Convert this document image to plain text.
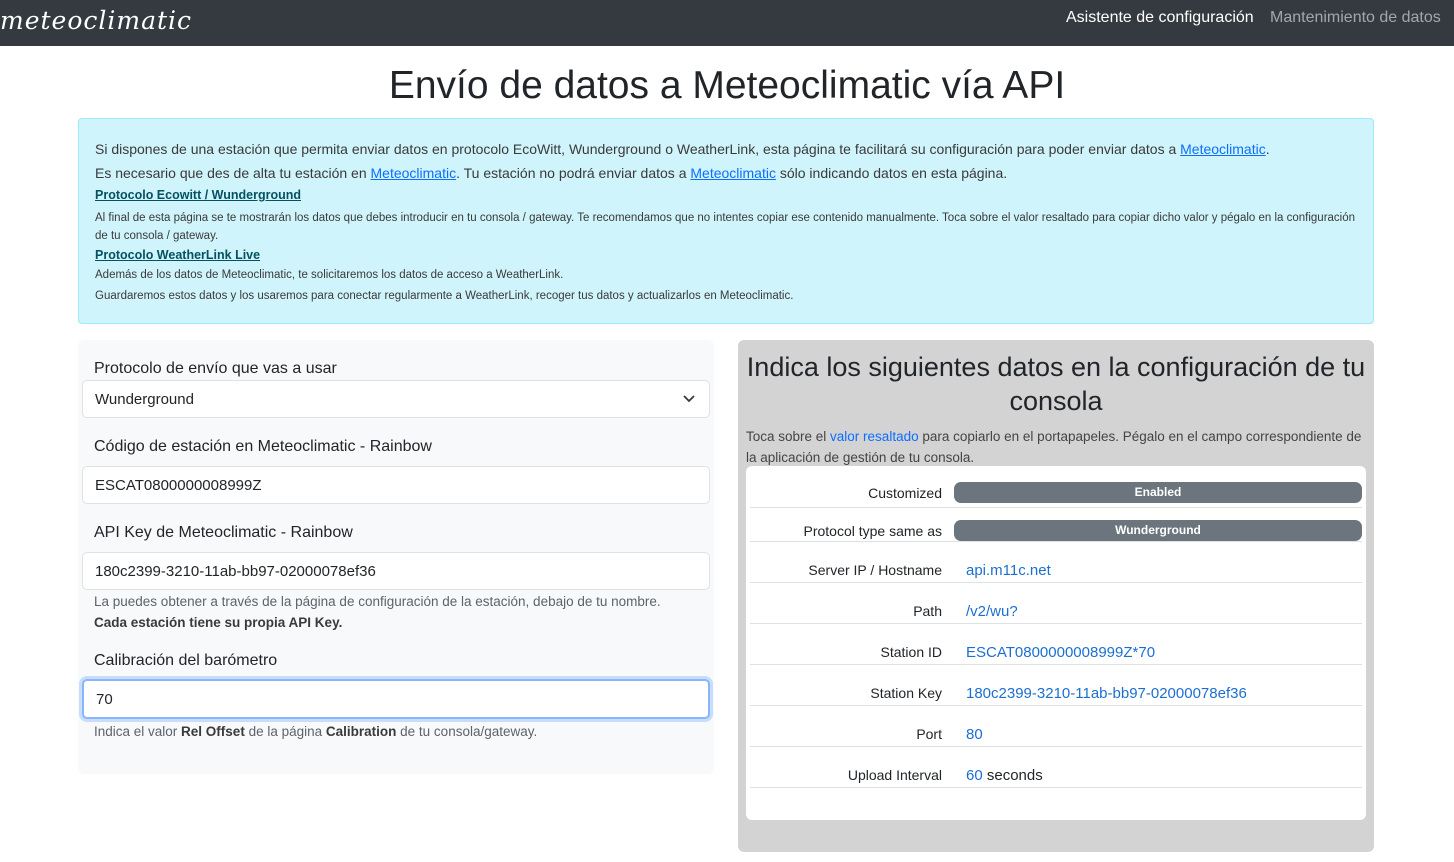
meteoclimatic	Asistente de configuración Mantenimiento de datos
Envío de datos a Meteoclimatic vía API
Si dispones de una estación que permita enviar datos en protocolo EcoWitt, Wunderground o WeatherLink, esta página te facilitará su configuración para poder enviar datos a Meteoclimatic.
Es necesario que des de alta tu estación en Meteoclimatic. Tu estación no podrá enviar datos a Meteoclimatic sólo indicando datos en esta página.
Protocolo Ecowitt / Wunderground
Al final de esta página se te mostrarán los datos que debes introducir en tu consola / gateway. Te recomendamos que no intentes copiar ese contenido manualmente. Toca sobre el valor resaltado para copiar dicho valor y pégalo en la configuración de tu consola / gateway.
Protocolo WeatherLink Live
Además de los datos de Meteoclimatic, te solicitaremos los datos de acceso a WeatherLink.
Guardaremos estos datos y los usaremos para conectar regularmente a WeatherLink, recoger tus datos y actualizarlos en Meteoclimatic.
Protocolo de envío que vas a usar
Wunderground
Código de estación en Meteoclimatic - Rainbow
ESCAT0800000008999Z
API Key de Meteoclimatic - Rainbow
180c2399-3210-11ab-bb97-02000078ef36
La puedes obtener a través de la página de configuración de la estación, debajo de tu nombre.
Cada estación tiene su propia API Key.
Calibración del barómetro
70
Indica el valor Rel Offset de la página Calibration de tu consola/gateway.
Indica los siguientes datos en la configuración de tu consola
Toca sobre el valor resaltado para copiarlo en el portapapeles. Pégalo en el campo correspondiente de la aplicación de gestión de tu consola.
Customized	Enabled
Protocol type same as	Wunderground
Server IP / Hostname api.m11c.net
Path /v2/wu?
Station ID ESCAT0800000008999Z*70
Station Key 180c2399-3210-11ab-bb97-02000078ef36
Port 80
Upload Interval 60 seconds
